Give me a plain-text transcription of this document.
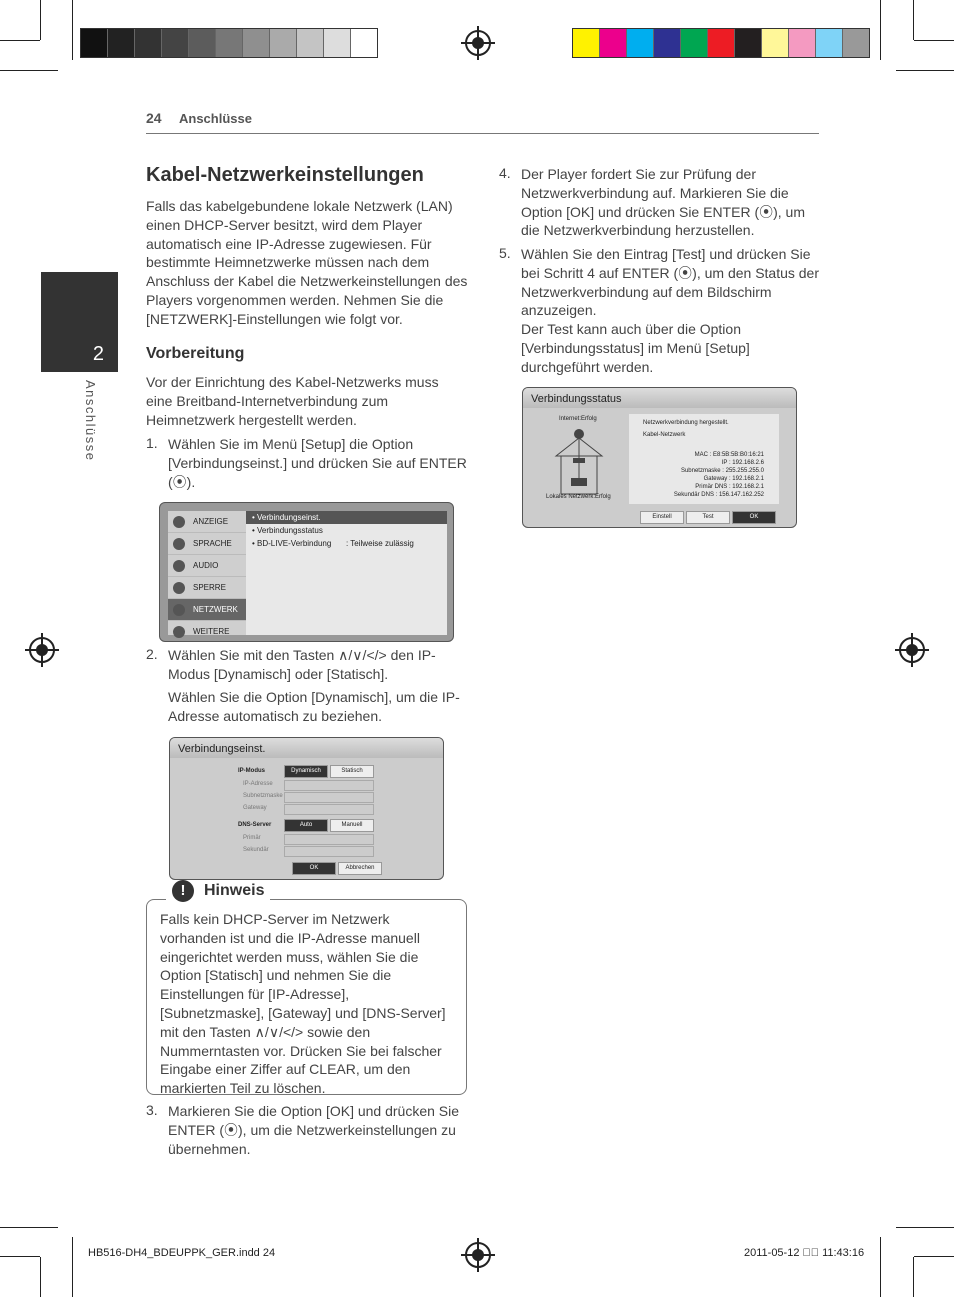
24 Anschlüsse
2
Anschlüsse
Kabel-Netzwerkeinstellungen
Falls das kabelgebundene lokale Netzwerk (LAN) einen DHCP-Server besitzt, wird dem Player automatisch eine IP-Adresse zugewiesen. Für bestimmte Heimnetzwerke müssen nach dem Anschluss der Kabel die Netzwerkeinstellungen des Players vorgenommen werden. Nehmen Sie die [NETZWERK]-Einstellungen wie folgt vor.
Vorbereitung
Vor der Einrichtung des Kabel-Netzwerks muss eine Breitband-Internetverbindung zum Heimnetzwerk hergestellt werden.
1. Wählen Sie im Menü [Setup] die Option [Verbindungseinst.] und drücken Sie auf ENTER (⦿).
ANZEIGE
SPRACHE
AUDIO
SPERRE
NETZWERK
WEITERE
• Verbindungseinst.
• Verbindungsstatus
• BD-LIVE-Verbindung : Teilweise zulässig
2. Wählen Sie mit den Tasten ∧/∨/</> den IP-Modus [Dynamisch] oder [Statisch].
Wählen Sie die Option [Dynamisch], um die IP-Adresse automatisch zu beziehen.
Verbindungseinst.
IP-Modus	Dynamisch	Statisch
IP-Adresse
Subnetzmaske
Gateway
DNS-Server	Auto	Manuell
Primär
Sekundär
OK	Abbrechen
!	Hinweis
Falls kein DHCP-Server im Netzwerk vorhanden ist und die IP-Adresse manuell eingerichtet werden muss, wählen Sie die Option [Statisch] und nehmen Sie die Einstellungen für [IP-Adresse], [Subnetzmaske], [Gateway] und [DNS-Server] mit den Tasten ∧/∨/</> sowie den Nummerntasten vor. Drücken Sie bei falscher Eingabe einer Ziffer auf CLEAR, um den markierten Teil zu löschen.
3. Markieren Sie die Option [OK] und drücken Sie ENTER (⦿), um die Netzwerkeinstellungen zu übernehmen.
4. Der Player fordert Sie zur Prüfung der Netzwerkverbindung auf. Markieren Sie die Option [OK] und drücken Sie ENTER (⦿), um die Netzwerkverbindung herzustellen.
5. Wählen Sie den Eintrag [Test] und drücken Sie bei Schritt 4 auf ENTER (⦿), um den Status der Netzwerkverbindung auf dem Bildschirm anzuzeigen.
Der Test kann auch über die Option [Verbindungsstatus] im Menü [Setup] durchgeführt werden.
Verbindungsstatus
Internet:Erfolg
Lokales Netzwerk:Erfolg
Netzwerkverbindung hergestellt.
Kabel-Netzwerk
MAC : E8:5B:5B:B0:16:21
IP : 192.168.2.6
Subnetzmaske : 255.255.255.0
Gateway : 192.168.2.1
Primär DNS : 192.168.2.1
Sekundär DNS : 156.147.162.252
Einstell	Test	OK
HB516-DH4_BDEUPPK_GER.indd 24	2011-05-12 ￿￿ 11:43:16
